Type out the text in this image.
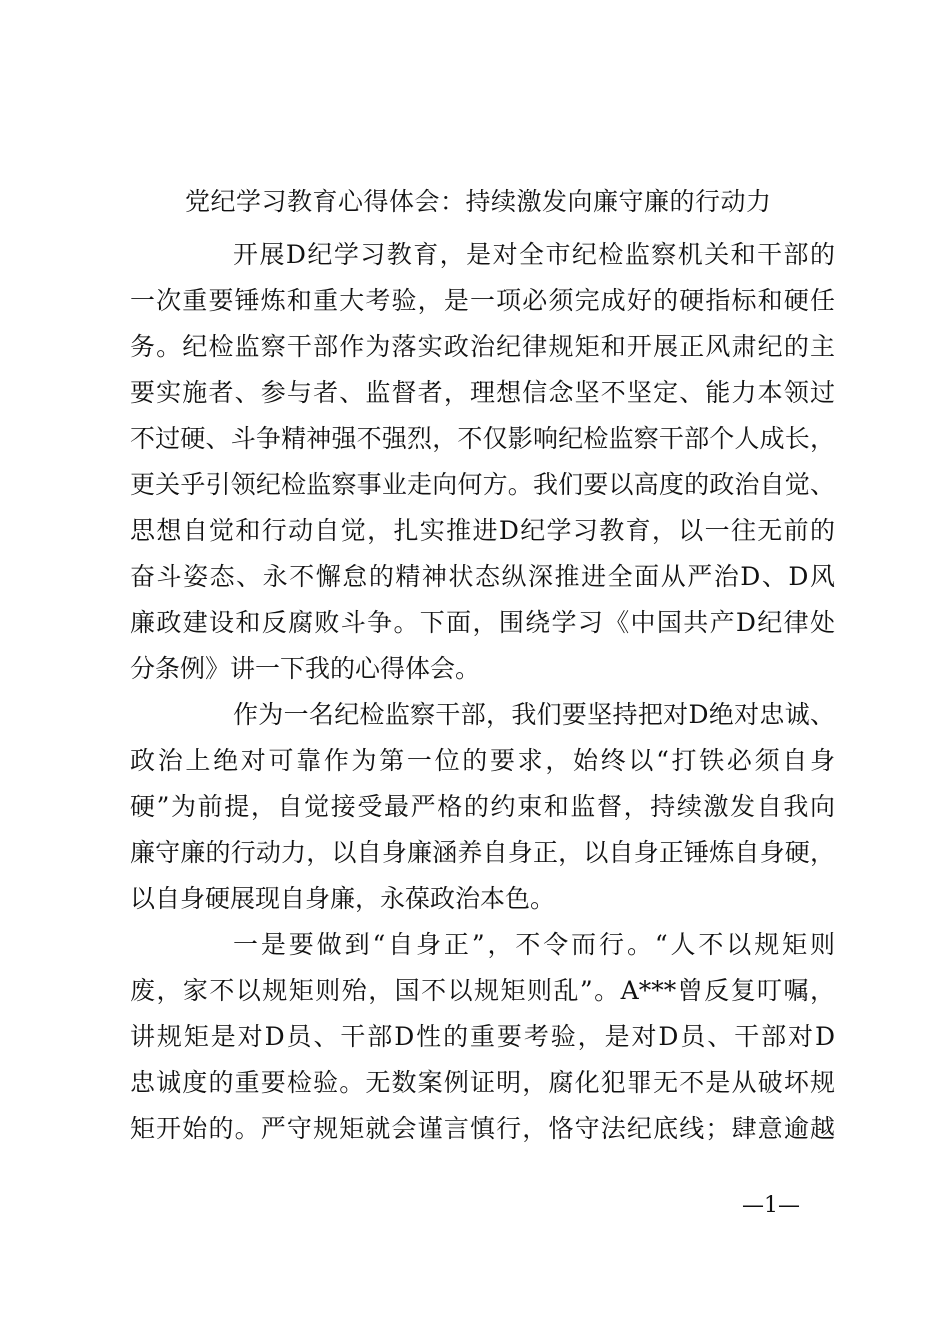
党纪学习教育心得体会：持续激发向廉守廉的行动力
开展D纪学习教育，是对全市纪检监察机关和干部的
一次重要锤炼和重大考验，是一项必须完成好的硬指标和硬任
务。纪检监察干部作为落实政治纪律规矩和开展正风肃纪的主
要实施者、参与者、监督者，理想信念坚不坚定、能力本领过
不过硬、斗争精神强不强烈，不仅影响纪检监察干部个人成长，
更关乎引领纪检监察事业走向何方。我们要以高度的政治自觉、
思想自觉和行动自觉，扎实推进D纪学习教育，以一往无前的
奋斗姿态、永不懈怠的精神状态纵深推进全面从严治D、D风
廉政建设和反腐败斗争。下面，围绕学习《中国共产D纪律处
分条例》讲一下我的心得体会。
作为一名纪检监察干部，我们要坚持把对D绝对忠诚、
政治上绝对可靠作为第一位的要求，始终以“打铁必须自身
硬”为前提，自觉接受最严格的约束和监督，持续激发自我向
廉守廉的行动力，以自身廉涵养自身正，以自身正锤炼自身硬，
以自身硬展现自身廉，永葆政治本色。
一是要做到“自身正”，不令而行。“人不以规矩则
废，家不以规矩则殆，国不以规矩则乱”。A***曾反复叮嘱，
讲规矩是对D员、干部D性的重要考验，是对D员、干部对D
忠诚度的重要检验。无数案例证明，腐化犯罪无不是从破坏规
矩开始的。严守规矩就会谨言慎行，恪守法纪底线；肆意逾越
—1—
